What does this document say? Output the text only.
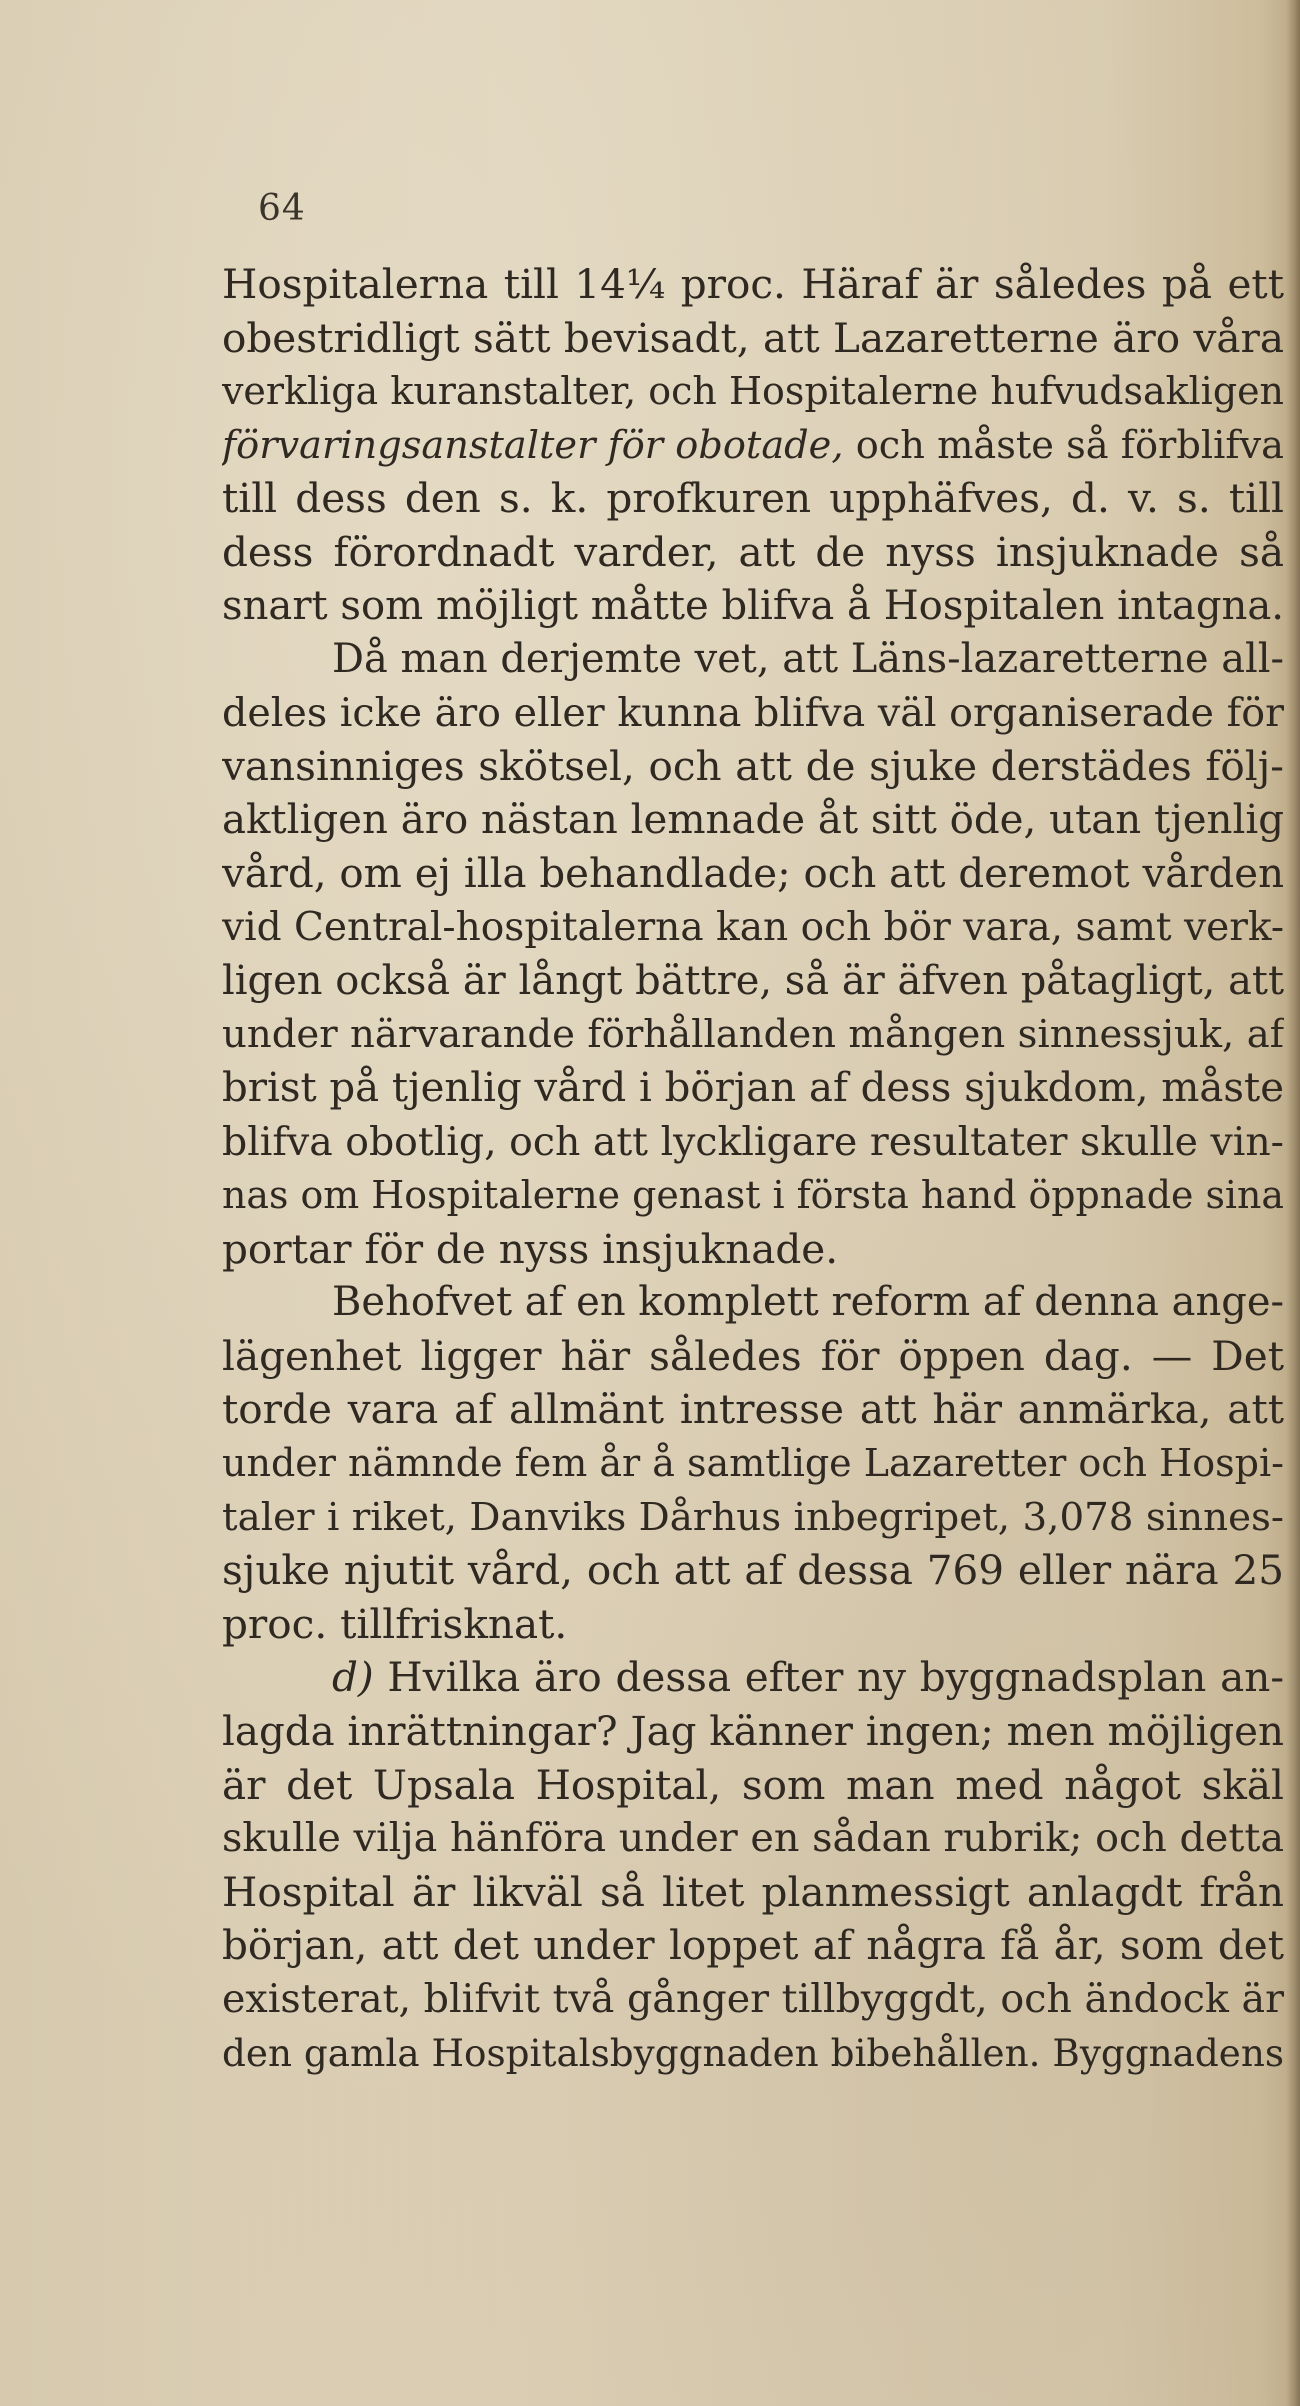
64
Hospitalerna till 14¼ proc. Häraf är således på ett
obestridligt sätt bevisadt, att Lazaretterne äro våra
verkliga kuranstalter, och Hospitalerne hufvudsakligen
förvaringsanstalter för obotade, och måste så förblifva
till dess den s. k. profkuren upphäfves, d. v. s. till
dess förordnadt varder, att de nyss insjuknade så
snart som möjligt måtte blifva å Hospitalen intagna.
Då man derjemte vet, att Läns-lazaretterne all-
deles icke äro eller kunna blifva väl organiserade för
vansinniges skötsel, och att de sjuke derstädes följ-
aktligen äro nästan lemnade åt sitt öde, utan tjenlig
vård, om ej illa behandlade; och att deremot vården
vid Central-hospitalerna kan och bör vara, samt verk-
ligen också är långt bättre, så är äfven påtagligt, att
under närvarande förhållanden mången sinnessjuk, af
brist på tjenlig vård i början af dess sjukdom, måste
blifva obotlig, och att lyckligare resultater skulle vin-
nas om Hospitalerne genast i första hand öppnade sina
portar för de nyss insjuknade.
Behofvet af en komplett reform af denna ange-
lägenhet ligger här således för öppen dag. — Det
torde vara af allmänt intresse att här anmärka, att
under nämnde fem år å samtlige Lazaretter och Hospi-
taler i riket, Danviks Dårhus inbegripet, 3,078 sinnes-
sjuke njutit vård, och att af dessa 769 eller nära 25
proc. tillfrisknat.
d) Hvilka äro dessa efter ny byggnadsplan an-
lagda inrättningar? Jag känner ingen; men möjligen
är det Upsala Hospital, som man med något skäl
skulle vilja hänföra under en sådan rubrik; och detta
Hospital är likväl så litet planmessigt anlagdt från
början, att det under loppet af några få år, som det
existerat, blifvit två gånger tillbyggdt, och ändock är
den gamla Hospitalsbyggnaden bibehållen. Byggnadens
